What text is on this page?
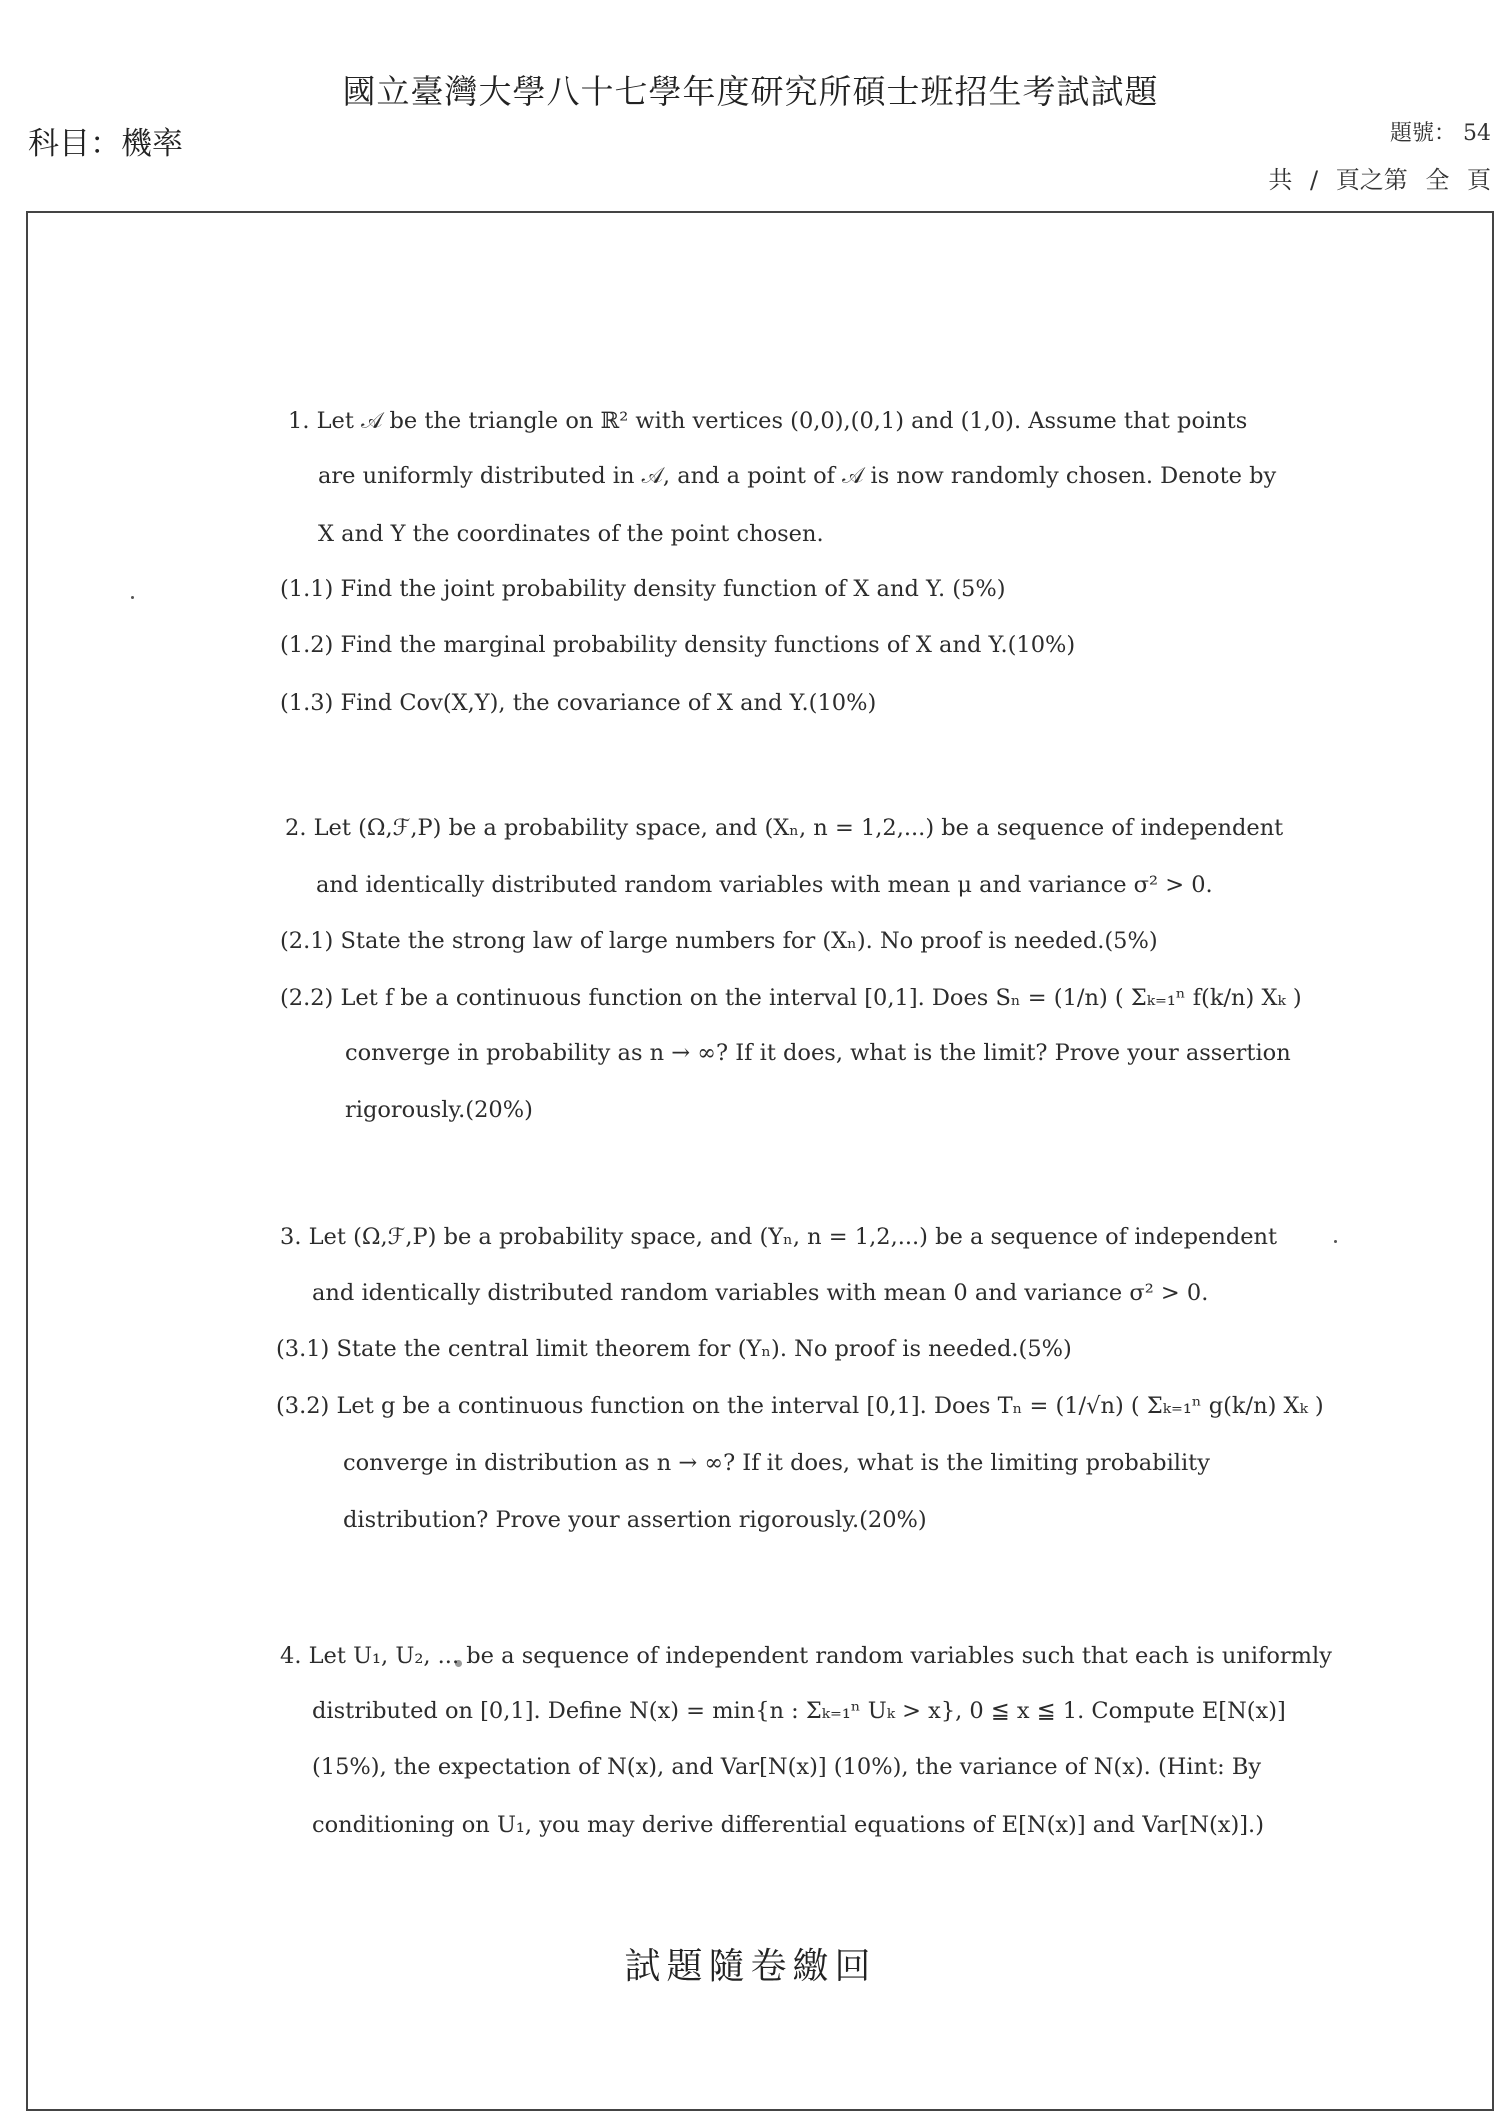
國立臺灣大學八十七學年度研究所碩士班招生考試試題
科目：機率	題號： 54
共 / 頁之第 全 頁
1. Let 𝒜 be the triangle on ℝ² with vertices (0,0),(0,1) and (1,0). Assume that points
are uniformly distributed in 𝒜, and a point of 𝒜 is now randomly chosen. Denote by
X and Y the coordinates of the point chosen.
(1.1) Find the joint probability density function of X and Y. (5%)
(1.2) Find the marginal probability density functions of X and Y.(10%)
(1.3) Find Cov(X,Y), the covariance of X and Y.(10%)
2. Let (Ω,ℱ,P) be a probability space, and (Xₙ, n = 1,2,...) be a sequence of independent
and identically distributed random variables with mean μ and variance σ² > 0.
(2.1) State the strong law of large numbers for (Xₙ). No proof is needed.(5%)
(2.2) Let f be a continuous function on the interval [0,1]. Does Sₙ = (1/n) ( Σₖ₌₁ⁿ f(k/n) Xₖ )
converge in probability as n → ∞? If it does, what is the limit? Prove your assertion
rigorously.(20%)
3. Let (Ω,ℱ,P) be a probability space, and (Yₙ, n = 1,2,...) be a sequence of independent
and identically distributed random variables with mean 0 and variance σ² > 0.
(3.1) State the central limit theorem for (Yₙ). No proof is needed.(5%)
(3.2) Let g be a continuous function on the interval [0,1]. Does Tₙ = (1/√n) ( Σₖ₌₁ⁿ g(k/n) Xₖ )
converge in distribution as n → ∞? If it does, what is the limiting probability
distribution? Prove your assertion rigorously.(20%)
4. Let U₁, U₂, ... be a sequence of independent random variables such that each is uniformly
distributed on [0,1]. Define N(x) = min{n : Σₖ₌₁ⁿ Uₖ > x}, 0 ≦ x ≦ 1. Compute E[N(x)]
(15%), the expectation of N(x), and Var[N(x)] (10%), the variance of N(x). (Hint: By
conditioning on U₁, you may derive differential equations of E[N(x)] and Var[N(x)].)
試題隨卷繳回
